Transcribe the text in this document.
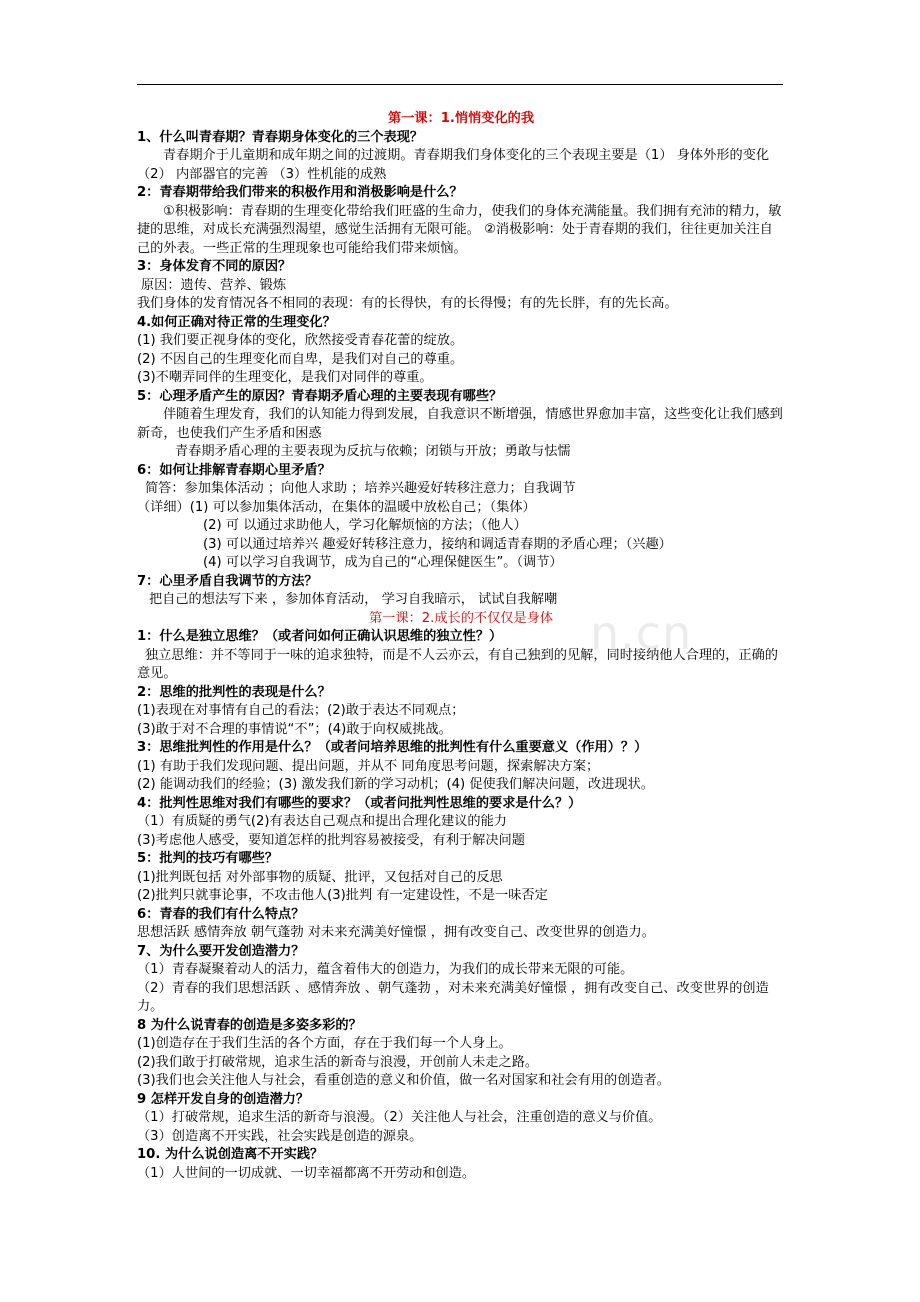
n.cn

第一课：1.悄悄变化的我

1、什么叫青春期？青春期身体变化的三个表现？

青春期介于儿童期和成年期之间的过渡期。青春期我们身体变化的三个表现主要是（1） 身体外形的变化（2） 内部器官的完善 （3）性机能的成熟

2：青春期带给我们带来的积极作用和消极影响是什么？

①积极影响：青春期的生理变化带给我们旺盛的生命力，使我们的身体充满能量。我们拥有充沛的精力，敏捷的思维，对成长充满强烈渴望，感觉生活拥有无限可能。 ②消极影响：处于青春期的我们，往往更加关注自己的外表。一些正常的生理现象也可能给我们带来烦恼。

3：身体发育不同的原因？

原因：遗传、营养、锻炼

我们身体的发育情况各不相同的表现：有的长得快，有的长得慢；有的先长胖，有的先长高。

4.如何正确对待正常的生理变化？

(1) 我们要正视身体的变化，欣然接受青春花蕾的绽放。

(2) 不因自己的生理变化而自卑，是我们对自己的尊重。

(3)不嘲弄同伴的生理变化，是我们对同伴的尊重。

5：心理矛盾产生的原因？青春期矛盾心理的主要表现有哪些？

伴随着生理发育，我们的认知能力得到发展，自我意识不断增强，情感世界愈加丰富，这些变化让我们感到新奇，也使我们产生矛盾和困惑

青春期矛盾心理的主要表现为反抗与依赖；闭锁与开放；勇敢与怯懦

6：如何让排解青春期心里矛盾？

简答：参加集体活动 ；向他人求助 ；培养兴趣爱好转移注意力；自我调节

（详细）(1) 可以参加集体活动，在集体的温暖中放松自己；（集体）

(2) 可 以通过求助他人，学习化解烦恼的方法；（他人）

(3) 可以通过培养兴 趣爱好转移注意力，接纳和调适青春期的矛盾心理；（兴趣）

(4) 可以学习自我调节，成为自己的“心理保健医生”。（调节）

7：心里矛盾自我调节的方法？

把自己的想法写下来 ，参加体育活动， 学习自我暗示， 试试自我解嘲

第一课：2.成长的不仅仅是身体

1：什么是独立思维？（或者问如何正确认识思维的独立性？）

独立思维：并不等同于一味的追求独特，而是不人云亦云，有自己独到的见解，同时接纳他人合理的，正确的意见。

2：思维的批判性的表现是什么？

(1)表现在对事情有自己的看法；(2)敢于表达不同观点；

(3)敢于对不合理的事情说“不”；(4)敢于向权威挑战。

3：思维批判性的作用是什么？（或者问培养思维的批判性有什么重要意义（作用）？）

(1) 有助于我们发现问题、提出问题，并从不 同角度思考问题，探索解决方案；

(2) 能调动我们的经验；(3) 激发我们新的学习动机；(4) 促使我们解决问题，改进现状。

4：批判性思维对我们有哪些的要求？（或者问批判性思维的要求是什么？）

（1）有质疑的勇气(2)有表达自己观点和提出合理化建议的能力

(3)考虑他人感受，要知道怎样的批判容易被接受，有利于解决问题

5：批判的技巧有哪些？

(1)批判既包括 对外部事物的质疑、批评，又包括对自己的反思

(2)批判只就事论事，不攻击他人(3)批判 有一定建设性，不是一味否定

6：青春的我们有什么特点？

思想活跃 感情奔放 朝气蓬勃 对未来充满美好憧憬 ，拥有改变自己、改变世界的创造力。

7、为什么要开发创造潜力？

（1）青春凝聚着动人的活力，蕴含着伟大的创造力，为我们的成长带来无限的可能。

（2）青春的我们思想活跃 、感情奔放 、朝气蓬勃 ，对未来充满美好憧憬 ，拥有改变自己、改变世界的创造力。

8 为什么说青春的创造是多姿多彩的？

(1)创造存在于我们生活的各个方面，存在于我们每一个人身上。

(2)我们敢于打破常规，追求生活的新奇与浪漫，开创前人未走之路。

(3)我们也会关注他人与社会，看重创造的意义和价值，做一名对国家和社会有用的创造者。

9 怎样开发自身的创造潜力？

（1）打破常规，追求生活的新奇与浪漫。（2）关注他人与社会，注重创造的意义与价值。

（3）创造离不开实践，社会实践是创造的源泉。

10. 为什么说创造离不开实践？

（1）人世间的一切成就、一切幸福都离不开劳动和创造。
